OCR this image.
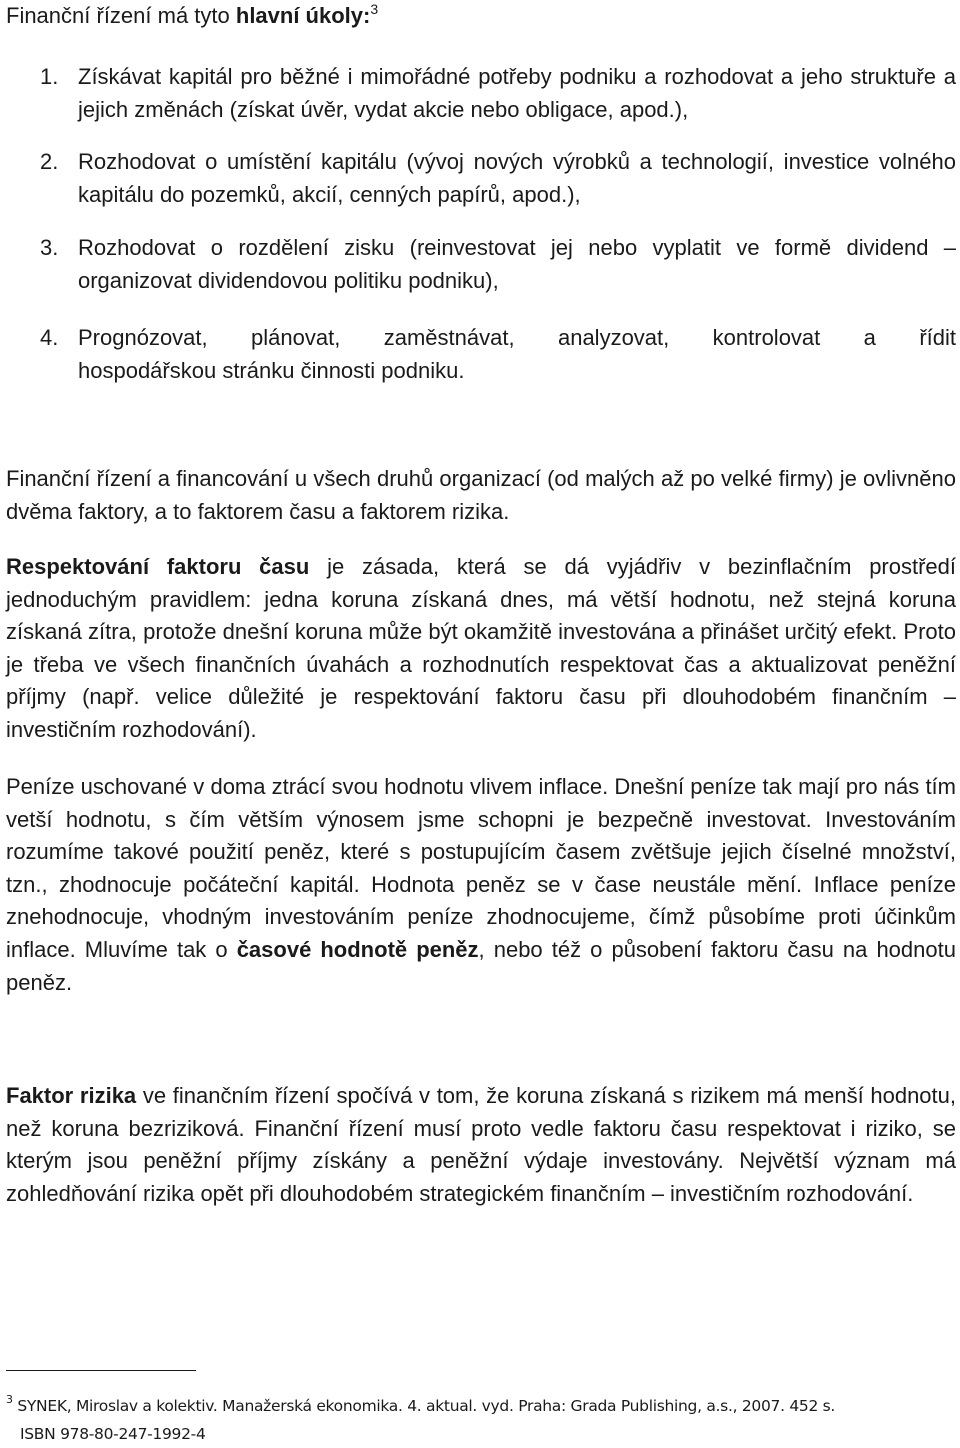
Finanční řízení má tyto hlavní úkoly:$^3$

1. Získávat kapitál pro běžné i mimořádné potřeby podniku a rozhodovat a jeho struktuře a jejich změnách (získat úvěr, vydat akcie nebo obligace, apod.),
2. Rozhodovat o umístění kapitálu (vývoj nových výrobků a technologií, investice volného kapitálu do pozemků, akcií, cenných papírů, apod.),
3. Rozhodovat o rozdělení zisku (reinvestovat jej nebo vyplatit ve formě dividend – organizovat dividendovou politiku podniku),
4. Prognózovat, plánovat, zaměstnávat, analyzovat, kontrolovat a řídit
hospodářskou stránku činnosti podniku.

Finanční řízení a financování u všech druhů organizací (od malých až po velké firmy) je ovlivněno dvěma faktory, a to faktorem času a faktorem rizika.

Respektování faktoru času je zásada, která se dá vyjádřiv v bezinflačním prostředí jednoduchým pravidlem: jedna koruna získaná dnes, má větší hodnotu, než stejná koruna získaná zítra, protože dnešní koruna může být okamžitě investována a přinášet určitý efekt. Proto je třeba ve všech finančních úvahách a rozhodnutích respektovat čas a aktualizovat peněžní příjmy (např. velice důležité je respektování faktoru času při dlouhodobém finančním – investičním rozhodování).

Peníze uschované v doma ztrácí svou hodnotu vlivem inflace. Dnešní peníze tak mají pro nás tím vetší hodnotu, s čím větším výnosem jsme schopni je bezpečně investovat. Investováním rozumíme takové použití peněz, které s postupujícím časem zvětšuje jejich číselné množství, tzn., zhodnocuje počáteční kapitál. Hodnota peněz se v čase neustále mění. Inflace peníze znehodnocuje, vhodným investováním peníze zhodnocujeme, čímž působíme proti účinkům inflace. Mluvíme tak o časové hodnotě peněz, nebo též o působení faktoru času na hodnotu peněz.

Faktor rizika ve finančním řízení spočívá v tom, že koruna získaná s rizikem má menší hodnotu, než koruna bezriziková. Finanční řízení musí proto vedle faktoru času respektovat i riziko, se kterým jsou peněžní příjmy získány a peněžní výdaje investovány. Největší význam má zohledňování rizika opět při dlouhodobém strategickém finančním – investičním rozhodování.

$^3$ SYNEK, Miroslav a kolektiv. Manažerská ekonomika. 4. aktual. vyd. Praha: Grada Publishing, a.s., 2007. 452 s.
ISBN 978-80-247-1992-4
